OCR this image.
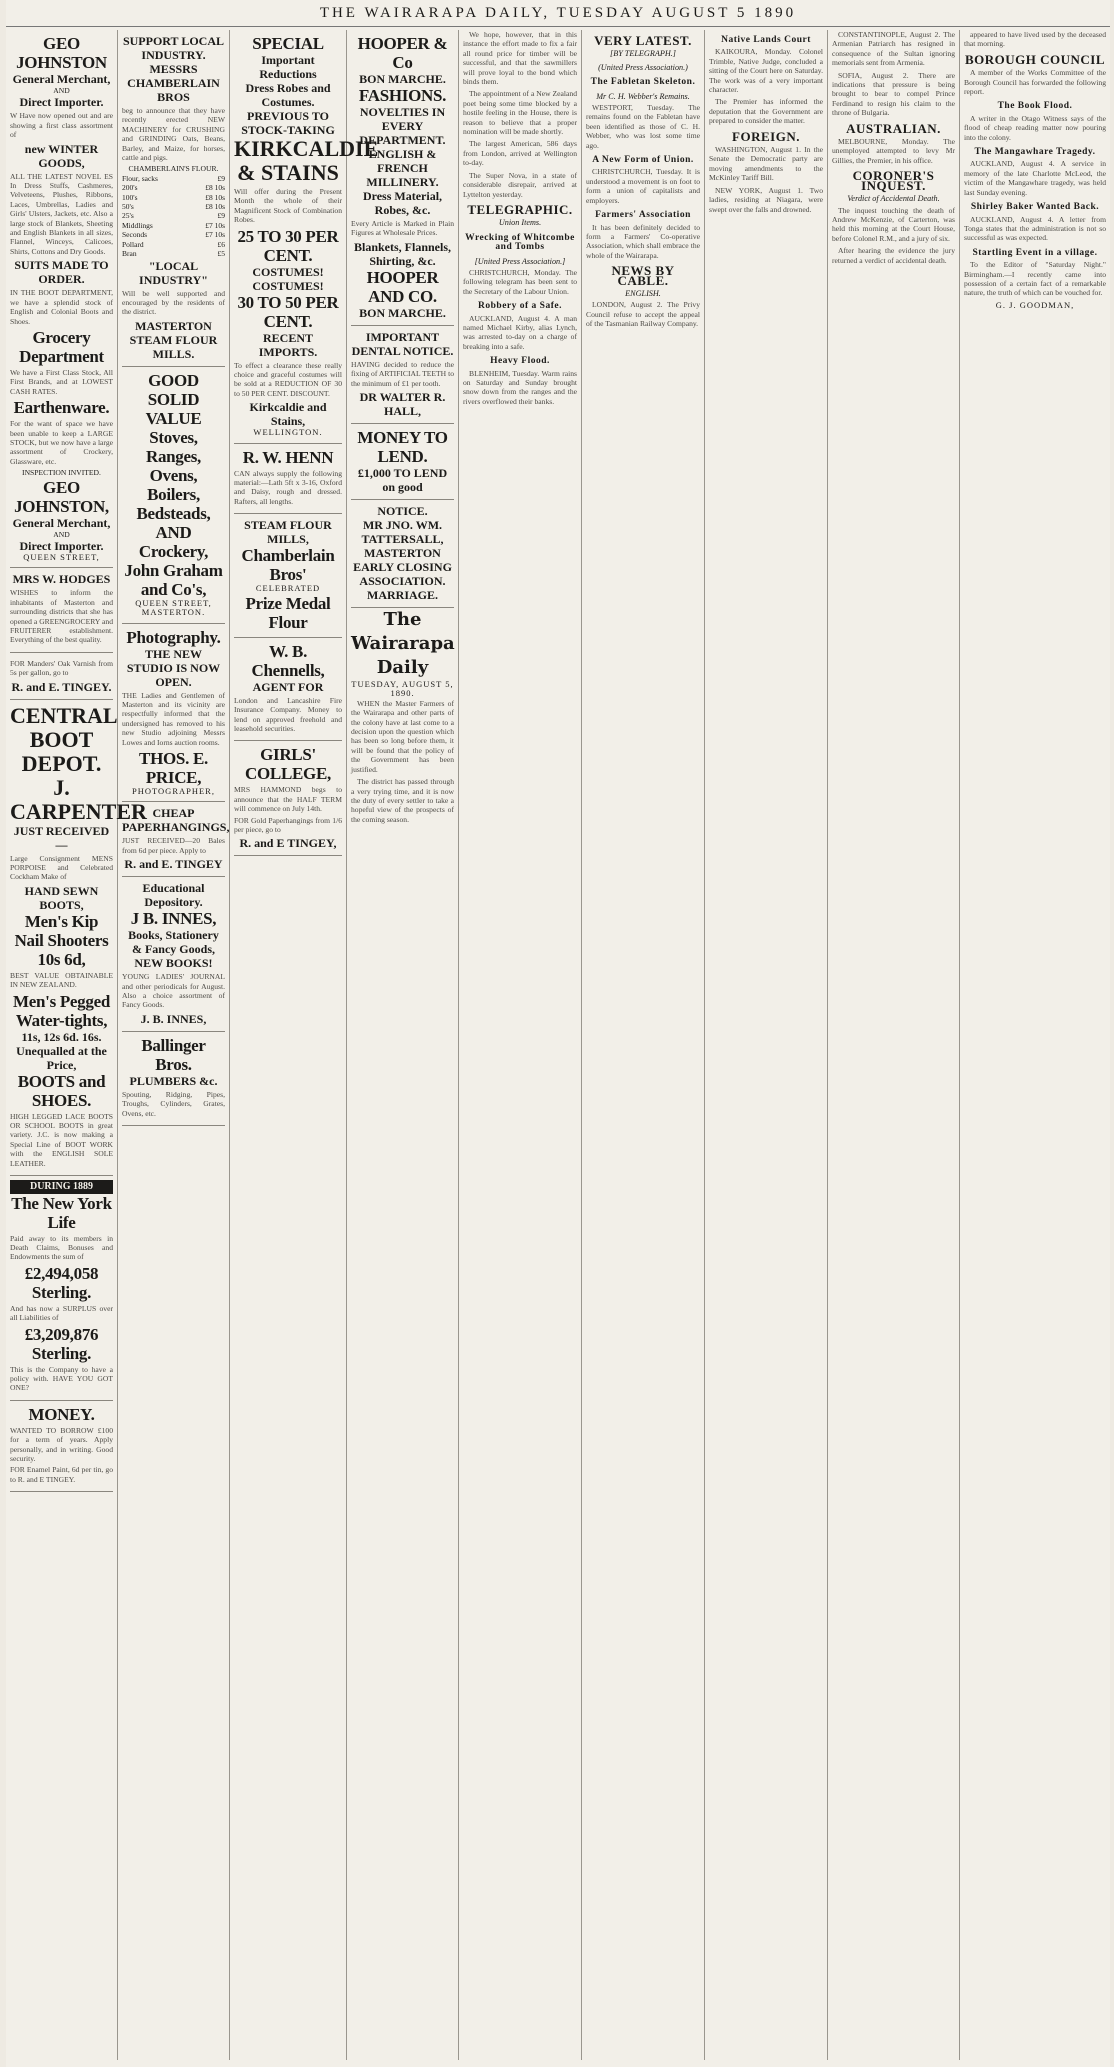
THE WAIRARAPA DAILY, TUESDAY AUGUST 5 1890
GEO JOHNSTON
General Merchant,
AND
Direct Importer.

W Have now opened out and are showing a first class assortment of

new WINTER GOODS,

ALL THE LATEST NOVEL ES In Dress Stuffs, Cashmeres, Velveteens, Plushes, Ribbons, Laces, Umbrellas, Ladies and Girls' Ulsters, Jackets, etc. Also a large stock of Blankets, Sheeting and English Blankets in all sizes, Flannel, Winceys, Calicoes, Shirts, Cottons and Dry Goods.

SUITS MADE TO ORDER.

IN THE BOOT DEPARTMENT, we have a splendid stock of English and Colonial Boots and Shoes.

Grocery Department

We have a First Class Stock, All First Brands, and at LOWEST CASH RATES.

Earthenware.

For the want of space we have been unable to keep a LARGE STOCK, but we now have a large assortment of Crockery, Glassware, etc.

INSPECTION INVITED.
GEO JOHNSTON,
General Merchant,
AND
Direct Importer.
QUEEN STREET,
MRS W. HODGES

WISHES to inform the inhabitants of Masterton and surrounding districts that she has opened a GREENGROCERY and FRUITERER establishment. Everything of the best quality.

FOR Manders' Oak Varnish from 5s per gallon, go to

R. and E. TINGEY.
CENTRAL
BOOT DEPOT.
J. CARPENTER
JUST RECEIVED—

Large Consignment MENS PORPOISE and Celebrated Cockham Make of

HAND SEWN BOOTS,
Men's Kip Nail Shooters 10s 6d,

BEST VALUE OBTAINABLE IN NEW ZEALAND.

Men's Pegged Water-tights,
11s, 12s 6d. 16s.
Unequalled at the Price,
BOOTS and SHOES.

HIGH LEGGED LACE BOOTS OR SCHOOL BOOTS in great variety. J.C. is now making a Special Line of BOOT WORK with the ENGLISH SOLE LEATHER.

DURING 1889
The New York Life

Paid away to its members in Death Claims, Bonuses and Endowments the sum of

£2,494,058 Sterling.

And has now a SURPLUS over all Liabilities of

£3,209,876 Sterling.

This is the Company to have a policy with. HAVE YOU GOT ONE?

MONEY.

WANTED TO BORROW £100 for a term of years. Apply personally, and in writing. Good security.

FOR Enamel Paint, 6d per tin, go to R. and E TINGEY.

SUPPORT LOCAL INDUSTRY.
MESSRS CHAMBERLAIN BROS

beg to announce that they have recently erected NEW MACHINERY for CRUSHING and GRINDING Oats, Beans, Barley, and Maize, for horses, cattle and pigs.

CHAMBERLAIN'S FLOUR.
Flour, sacks	£9
200's	£8 10s
100's	£8 10s
50's	£8 10s
25's	£9
Middlings	£7 10s
Seconds	£7 10s
Pollard	£6
Bran	£5
"LOCAL INDUSTRY"

Will be well supported and encouraged by the residents of the district.

MASTERTON STEAM FLOUR MILLS.
GOOD SOLID VALUE
Stoves, Ranges, Ovens, Boilers, Bedsteads, AND Crockery,
John Graham and Co's,
QUEEN STREET, MASTERTON.
Photography.
THE NEW STUDIO IS NOW OPEN.

THE Ladies and Gentlemen of Masterton and its vicinity are respectfully informed that the undersigned has removed to his new Studio adjoining Messrs Lowes and Iorns auction rooms.

THOS. E. PRICE,
PHOTOGRAPHER,
CHEAP PAPERHANGINGS,

JUST RECEIVED—20 Bales from 6d per piece. Apply to

R. and E. TINGEY
Educational Depository.
J B. INNES,
Books, Stationery & Fancy Goods,
NEW BOOKS!

YOUNG LADIES' JOURNAL and other periodicals for August. Also a choice assortment of Fancy Goods.

J. B. INNES,
Ballinger Bros.
PLUMBERS &c.

Spouting, Ridging, Pipes, Troughs, Cylinders, Grates, Ovens, etc.

SPECIAL
Important Reductions
Dress Robes and Costumes.
PREVIOUS TO STOCK-TAKING
KIRKCALDIE & STAINS

Will offer during the Present Month the whole of their Magnificent Stock of Combination Robes.

25 TO 30 PER CENT.
COSTUMES! COSTUMES!
30 TO 50 PER CENT.
RECENT IMPORTS.

To effect a clearance these really choice and graceful costumes will be sold at a REDUCTION OF 30 to 50 PER CENT. DISCOUNT.

Kirkcaldie and Stains,
WELLINGTON.
R. W. HENN

CAN always supply the following material:—Lath 5ft x 3-16, Oxford and Daisy, rough and dressed. Rafters, all lengths.

STEAM FLOUR MILLS,
Chamberlain Bros'
CELEBRATED
Prize Medal Flour
W. B. Chennells,
AGENT FOR

London and Lancashire Fire Insurance Company. Money to lend on approved freehold and leasehold securities.

GIRLS' COLLEGE,

MRS HAMMOND begs to announce that the HALF TERM will commence on July 14th.

FOR Gold Paperhangings from 1/6 per piece, go to

R. and E TINGEY,
HOOPER & Co
BON MARCHE.
FASHIONS.
NOVELTIES IN EVERY DEPARTMENT.
ENGLISH & FRENCH MILLINERY.
Dress Material, Robes, &c.

Every Article is Marked in Plain Figures at Wholesale Prices.

Blankets, Flannels, Shirting, &c.
HOOPER AND CO.
BON MARCHE.
IMPORTANT DENTAL NOTICE.

HAVING decided to reduce the fixing of ARTIFICIAL TEETH to the minimum of £1 per tooth.

DR WALTER R. HALL,
MONEY TO LEND.
£1,000 TO LEND on good
NOTICE.
MR JNO. WM. TATTERSALL,
MASTERTON EARLY CLOSING ASSOCIATION.
MARRIAGE.
The Wairarapa Daily
TUESDAY, AUGUST 5, 1890.

WHEN the Master Farmers of the Wairarapa and other parts of the colony have at last come to a decision upon the question which has been so long before them, it will be found that the policy of the Government has been justified.

The district has passed through a very trying time, and it is now the duty of every settler to take a hopeful view of the prospects of the coming season.

We hope, however, that in this instance the effort made to fix a fair all round price for timber will be successful, and that the sawmillers will prove loyal to the bond which binds them.

The appointment of a New Zealand poet being some time blocked by a hostile feeling in the House, there is reason to believe that a proper nomination will be made shortly.

The largest American, 586 days from London, arrived at Wellington to-day.

The Super Nova, in a state of considerable disrepair, arrived at Lyttelton yesterday.

TELEGRAPHIC.
Union Items.
Wrecking of Whitcombe and Tombs
[United Press Association.]

CHRISTCHURCH, Monday. The following telegram has been sent to the Secretary of the Labour Union.

Robbery of a Safe.

AUCKLAND, August 4. A man named Michael Kirby, alias Lynch, was arrested to-day on a charge of breaking into a safe.

Heavy Flood.

BLENHEIM, Tuesday. Warm rains on Saturday and Sunday brought snow down from the ranges and the rivers overflowed their banks.

VERY LATEST.
[BY TELEGRAPH.]
(United Press Association.)
The Fabletan Skeleton.
Mr C. H. Webber's Remains.

WESTPORT, Tuesday. The remains found on the Fabletan have been identified as those of C. H. Webber, who was lost some time ago.

A New Form of Union.

CHRISTCHURCH, Tuesday. It is understood a movement is on foot to form a union of capitalists and employers.

Farmers' Association

It has been definitely decided to form a Farmers' Co-operative Association, which shall embrace the whole of the Wairarapa.

NEWS BY CABLE.
ENGLISH.

LONDON, August 2. The Privy Council refuse to accept the appeal of the Tasmanian Railway Company.

Native Lands Court

KAIKOURA, Monday. Colonel Trimble, Native Judge, concluded a sitting of the Court here on Saturday. The work was of a very important character.

The Premier has informed the deputation that the Government are prepared to consider the matter.

FOREIGN.

WASHINGTON, August 1. In the Senate the Democratic party are moving amendments to the McKinley Tariff Bill.

NEW YORK, August 1. Two ladies, residing at Niagara, were swept over the falls and drowned.

CONSTANTINOPLE, August 2. The Armenian Patriarch has resigned in consequence of the Sultan ignoring memorials sent from Armenia.

SOFIA, August 2. There are indications that pressure is being brought to bear to compel Prince Ferdinand to resign his claim to the throne of Bulgaria.

AUSTRALIAN.

MELBOURNE, Monday. The unemployed attempted to levy Mr Gillies, the Premier, in his office.

CORONER'S INQUEST.
Verdict of Accidental Death.

The inquest touching the death of Andrew McKenzie, of Carterton, was held this morning at the Court House, before Colonel R.M., and a jury of six.

After hearing the evidence the jury returned a verdict of accidental death.

appeared to have lived used by the deceased that morning.

BOROUGH COUNCIL

A member of the Works Committee of the Borough Council has forwarded the following report.

The Book Flood.

A writer in the Otago Witness says of the flood of cheap reading matter now pouring into the colony.

The Mangawhare Tragedy.

AUCKLAND, August 4. A service in memory of the late Charlotte McLeod, the victim of the Mangawhare tragedy, was held last Sunday evening.

Shirley Baker Wanted Back.

AUCKLAND, August 4. A letter from Tonga states that the administration is not so successful as was expected.

Startling Event in a village.

To the Editor of "Saturday Night." Birmingham.—I recently came into possession of a certain fact of a remarkable nature, the truth of which can be vouched for.

G. J. GOODMAN,
